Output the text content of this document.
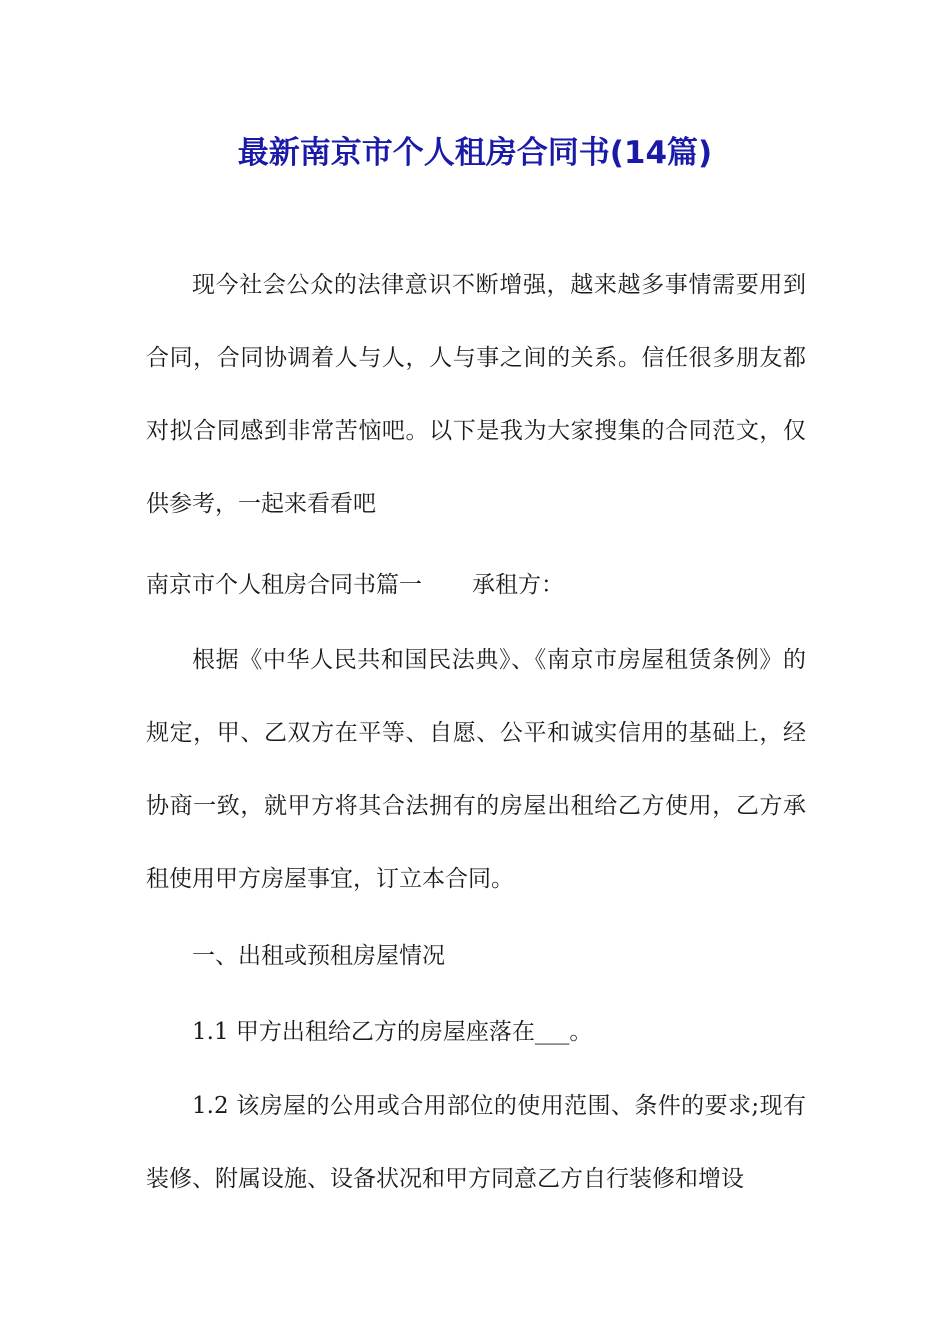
最新南京市个人租房合同书(14篇)

现今社会公众的法律意识不断增强，越来越多事情需要用到合同，合同协调着人与人，人与事之间的关系。信任很多朋友都对拟合同感到非常苦恼吧。以下是我为大家搜集的合同范文，仅供参考，一起来看看吧

南京市个人租房合同书篇一 承租方：

根据《中华人民共和国民法典》、《南京市房屋租赁条例》的规定，甲、乙双方在平等、自愿、公平和诚实信用的基础上，经协商一致，就甲方将其合法拥有的房屋出租给乙方使用，乙方承租使用甲方房屋事宜，订立本合同。

一、出租或预租房屋情况

1.1 甲方出租给乙方的房屋座落在___。

1.2 该房屋的公用或合用部位的使用范围、条件的要求;现有装修、附属设施、设备状况和甲方同意乙方自行装修和增设
